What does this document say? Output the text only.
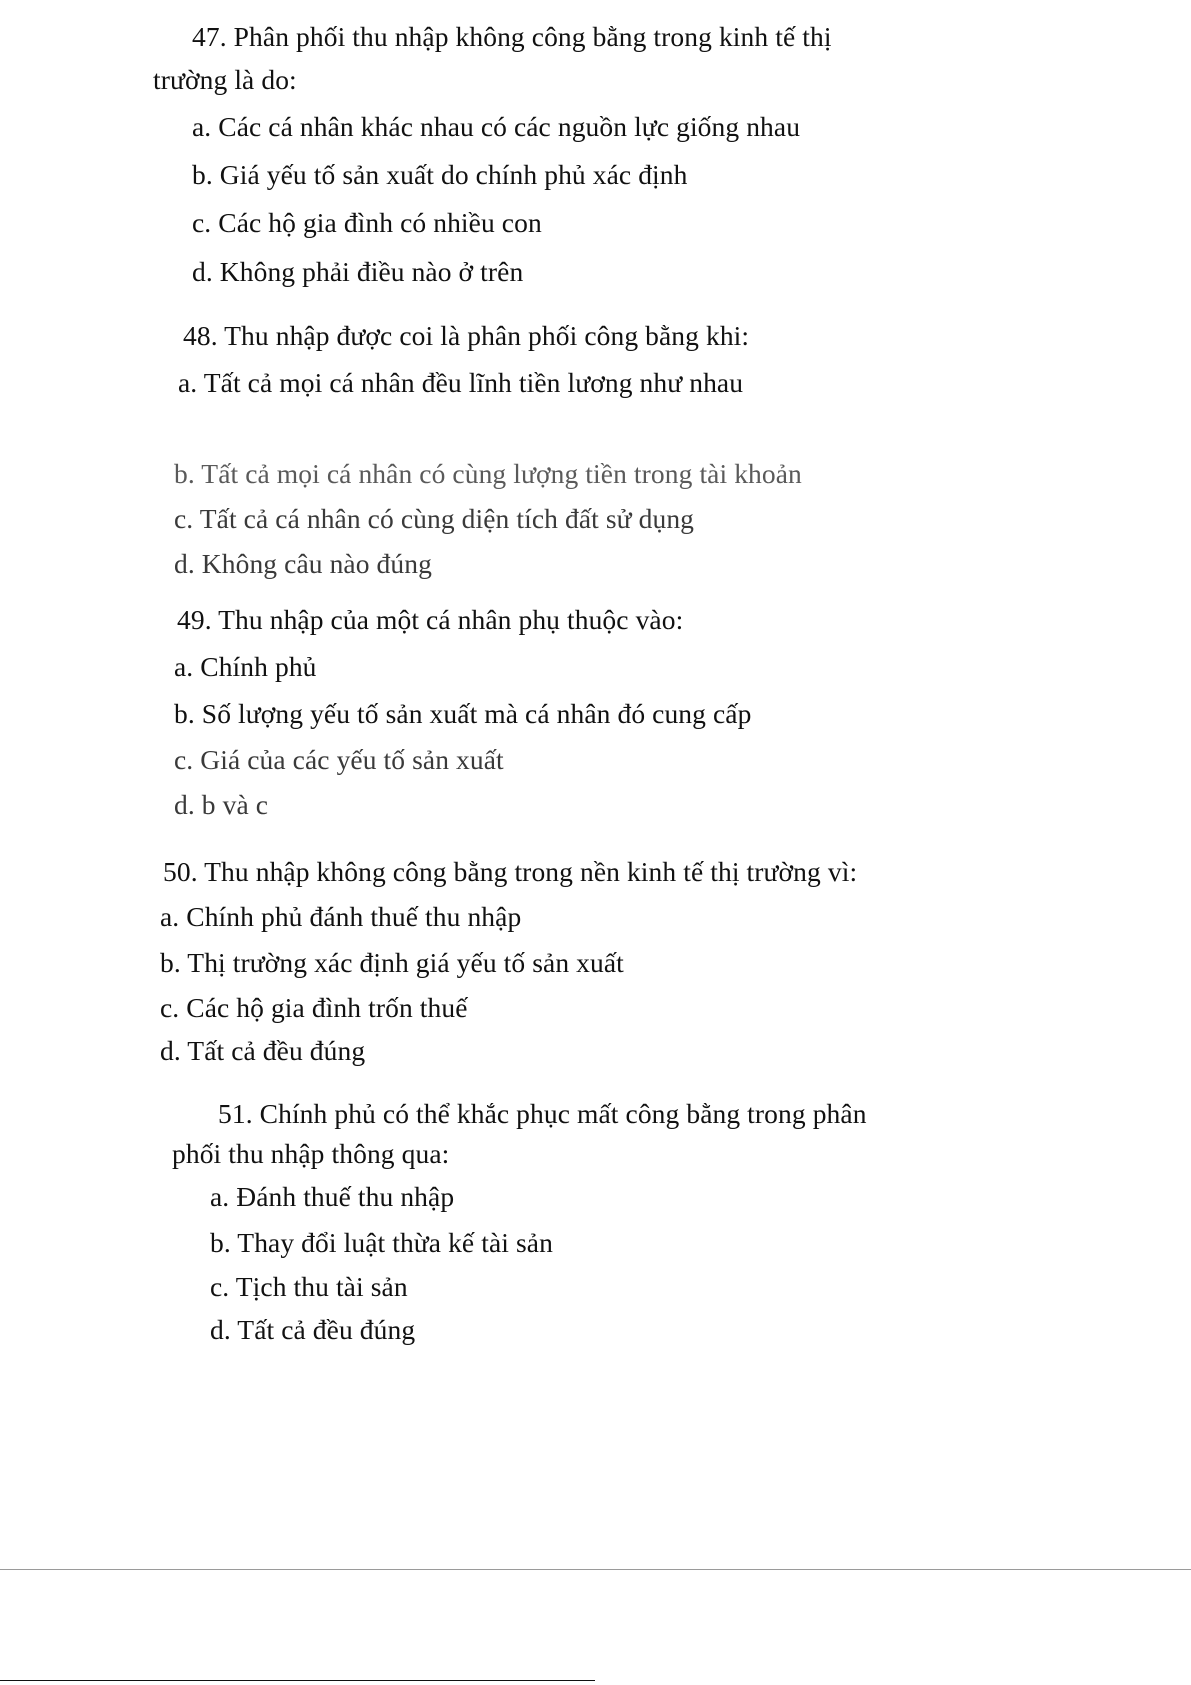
47. Phân phối thu nhập không công bằng trong kinh tế thị
trường là do:
a. Các cá nhân khác nhau có các nguồn lực giống nhau
b. Giá yếu tố sản xuất do chính phủ xác định
c. Các hộ gia đình có nhiều con
d. Không phải điều nào ở trên
48. Thu nhập được coi là phân phối công bằng khi:
a. Tất cả mọi cá nhân đều lĩnh tiền lương như nhau
b. Tất cả mọi cá nhân có cùng lượng tiền trong tài khoản
c. Tất cả cá nhân có cùng diện tích đất sử dụng
d. Không câu nào đúng
49. Thu nhập của một cá nhân phụ thuộc vào:
a. Chính phủ
b. Số lượng yếu tố sản xuất mà cá nhân đó cung cấp
c. Giá của các yếu tố sản xuất
d. b và c
50. Thu nhập không công bằng trong nền kinh tế thị trường vì:
a. Chính phủ đánh thuế thu nhập
b. Thị trường xác định giá yếu tố sản xuất
c. Các hộ gia đình trốn thuế
d. Tất cả đều đúng
51. Chính phủ có thể khắc phục mất công bằng trong phân
phối thu nhập thông qua:
a. Đánh thuế thu nhập
b. Thay đổi luật thừa kế tài sản
c. Tịch thu tài sản
d. Tất cả đều đúng
